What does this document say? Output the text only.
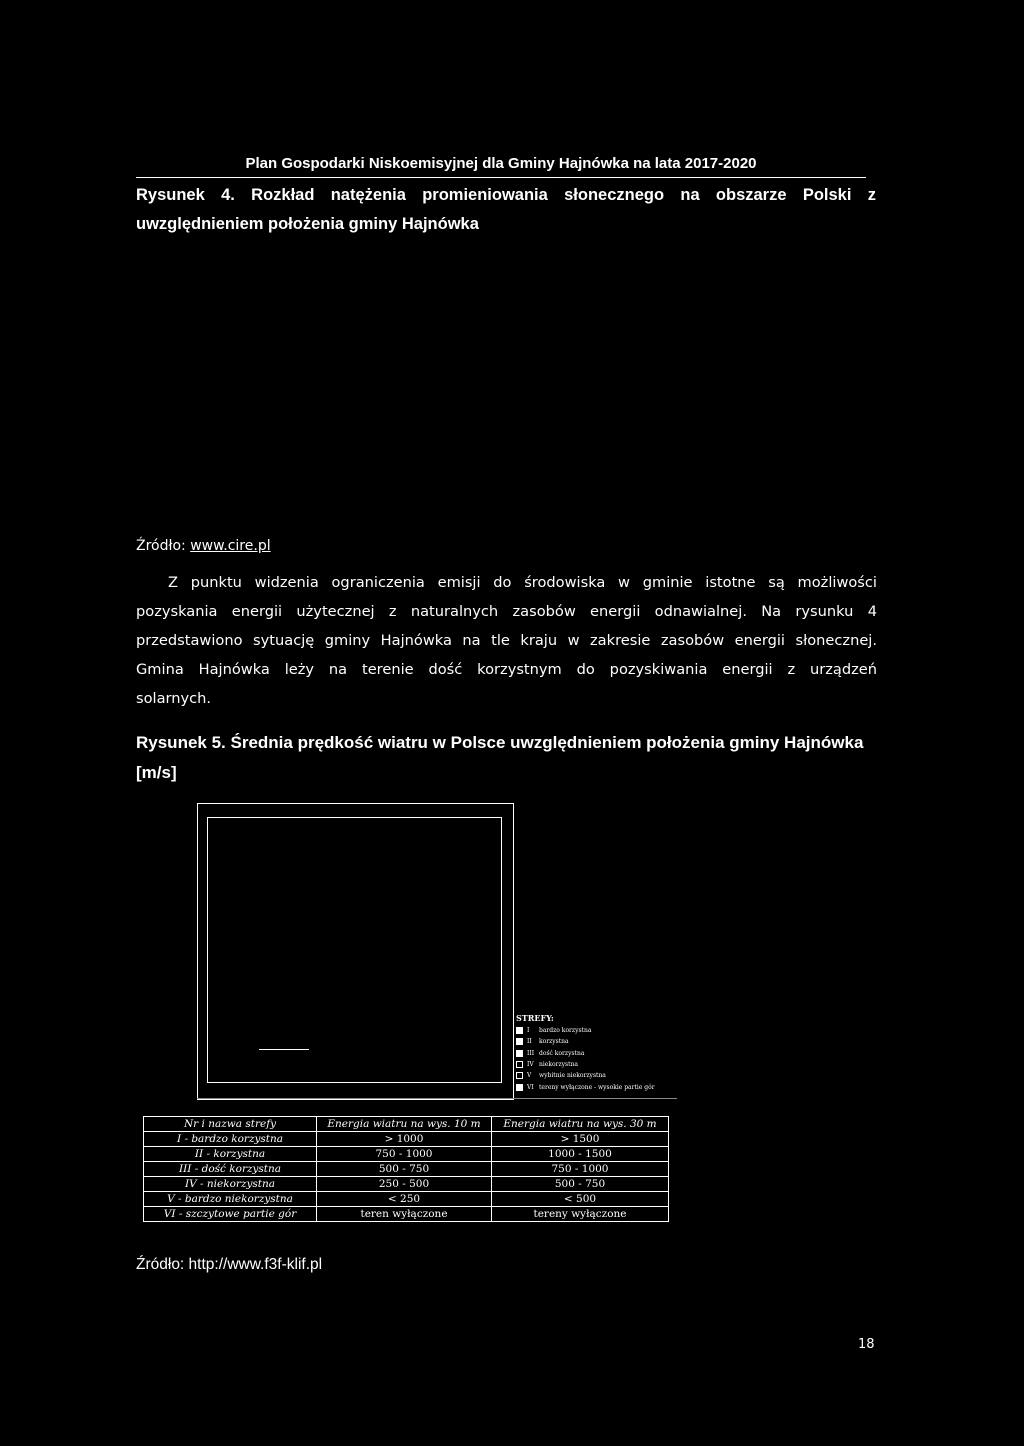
Plan Gospodarki Niskoemisyjnej dla Gminy Hajnówka na lata 2017-2020
Rysunek 4. Rozkład natężenia promieniowania słonecznego na obszarze Polski z
uwzględnieniem położenia gminy Hajnówka
Źródło: www.cire.pl
Z punktu widzenia ograniczenia emisji do środowiska w gminie istotne są możliwości
pozyskania energii użytecznej z naturalnych zasobów energii odnawialnej. Na rysunku 4
przedstawiono sytuację gminy Hajnówka na tle kraju w zakresie zasobów energii słonecznej.
Gmina Hajnówka leży na terenie dość korzystnym do pozyskiwania energii z urządzeń
solarnych.
Rysunek 5. Średnia prędkość wiatru w Polsce uwzględnieniem położenia gminy Hajnówka
[m/s]
STREFY:
I	bardzo korzystna
II	korzystna
III dość korzystna
IV niekorzystna
V	wybitnie niekorzystna
VI tereny wyłączone - wysokie partie gór
Nr i nazwa strefy	Energia wiatru na wys. 10 m	Energia wiatru na wys. 30 m
I - bardzo korzystna	> 1000	> 1500
II - korzystna	750 - 1000	1000 - 1500
III - dość korzystna	500 - 750	750 - 1000
IV - niekorzystna	250 - 500	500 - 750
V - bardzo niekorzystna	< 250	< 500
VI - szczytowe partie gór	teren wyłączone	tereny wyłączone
Źródło: http://www.f3f-klif.pl
18
